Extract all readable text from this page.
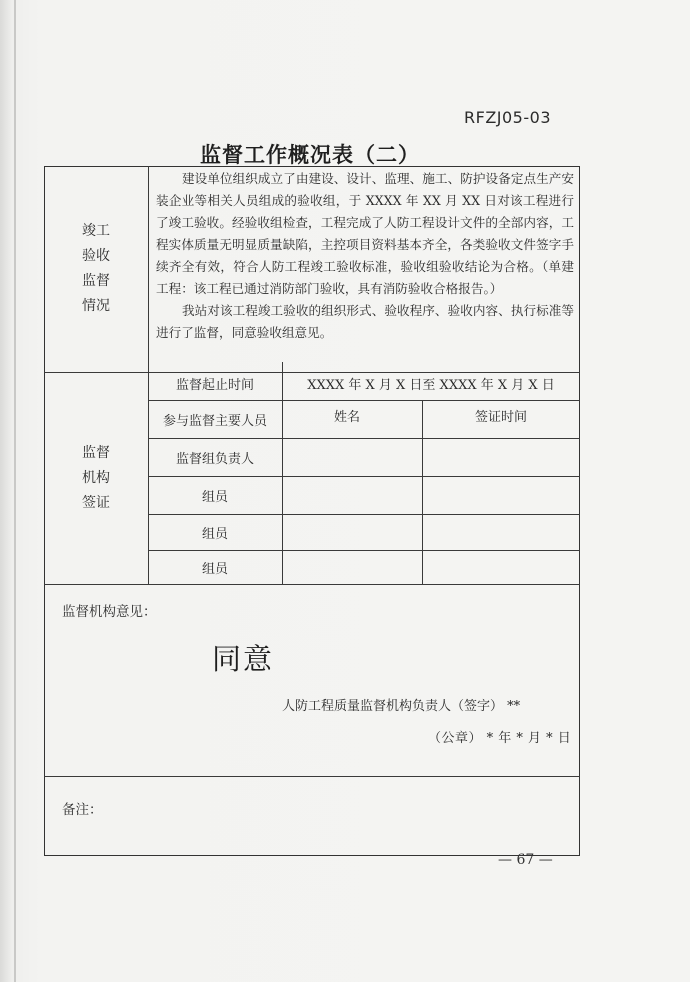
RFZJ05-03
监督工作概况表（二）
竣工
验收
监督
情况

建设单位组织成立了由建设、设计、监理、施工、防护设备定点生产安装企业等相关人员组成的验收组，于 XXXX 年 XX 月 XX 日对该工程进行了竣工验收。经验收组检查，工程完成了人防工程设计文件的全部内容，工程实体质量无明显质量缺陷，主控项目资料基本齐全，各类验收文件签字手续齐全有效，符合人防工程竣工验收标准，验收组验收结论为合格。（单建工程：该工程已通过消防部门验收，具有消防验收合格报告。）

我站对该工程竣工验收的组织形式、验收程序、验收内容、执行标准等进行了监督，同意验收组意见。

监督
机构
签证
监督起止时间	XXXX 年 X 月 X 日至 XXXX 年 X 月 X 日
参与监督主要人员	姓名	签证时间
监督组负责人
组员
组员
组员
监督机构意见：
同意
人防工程质量监督机构负责人（签字） **
（公章） * 年 * 月 * 日
备注：
— 67 —
